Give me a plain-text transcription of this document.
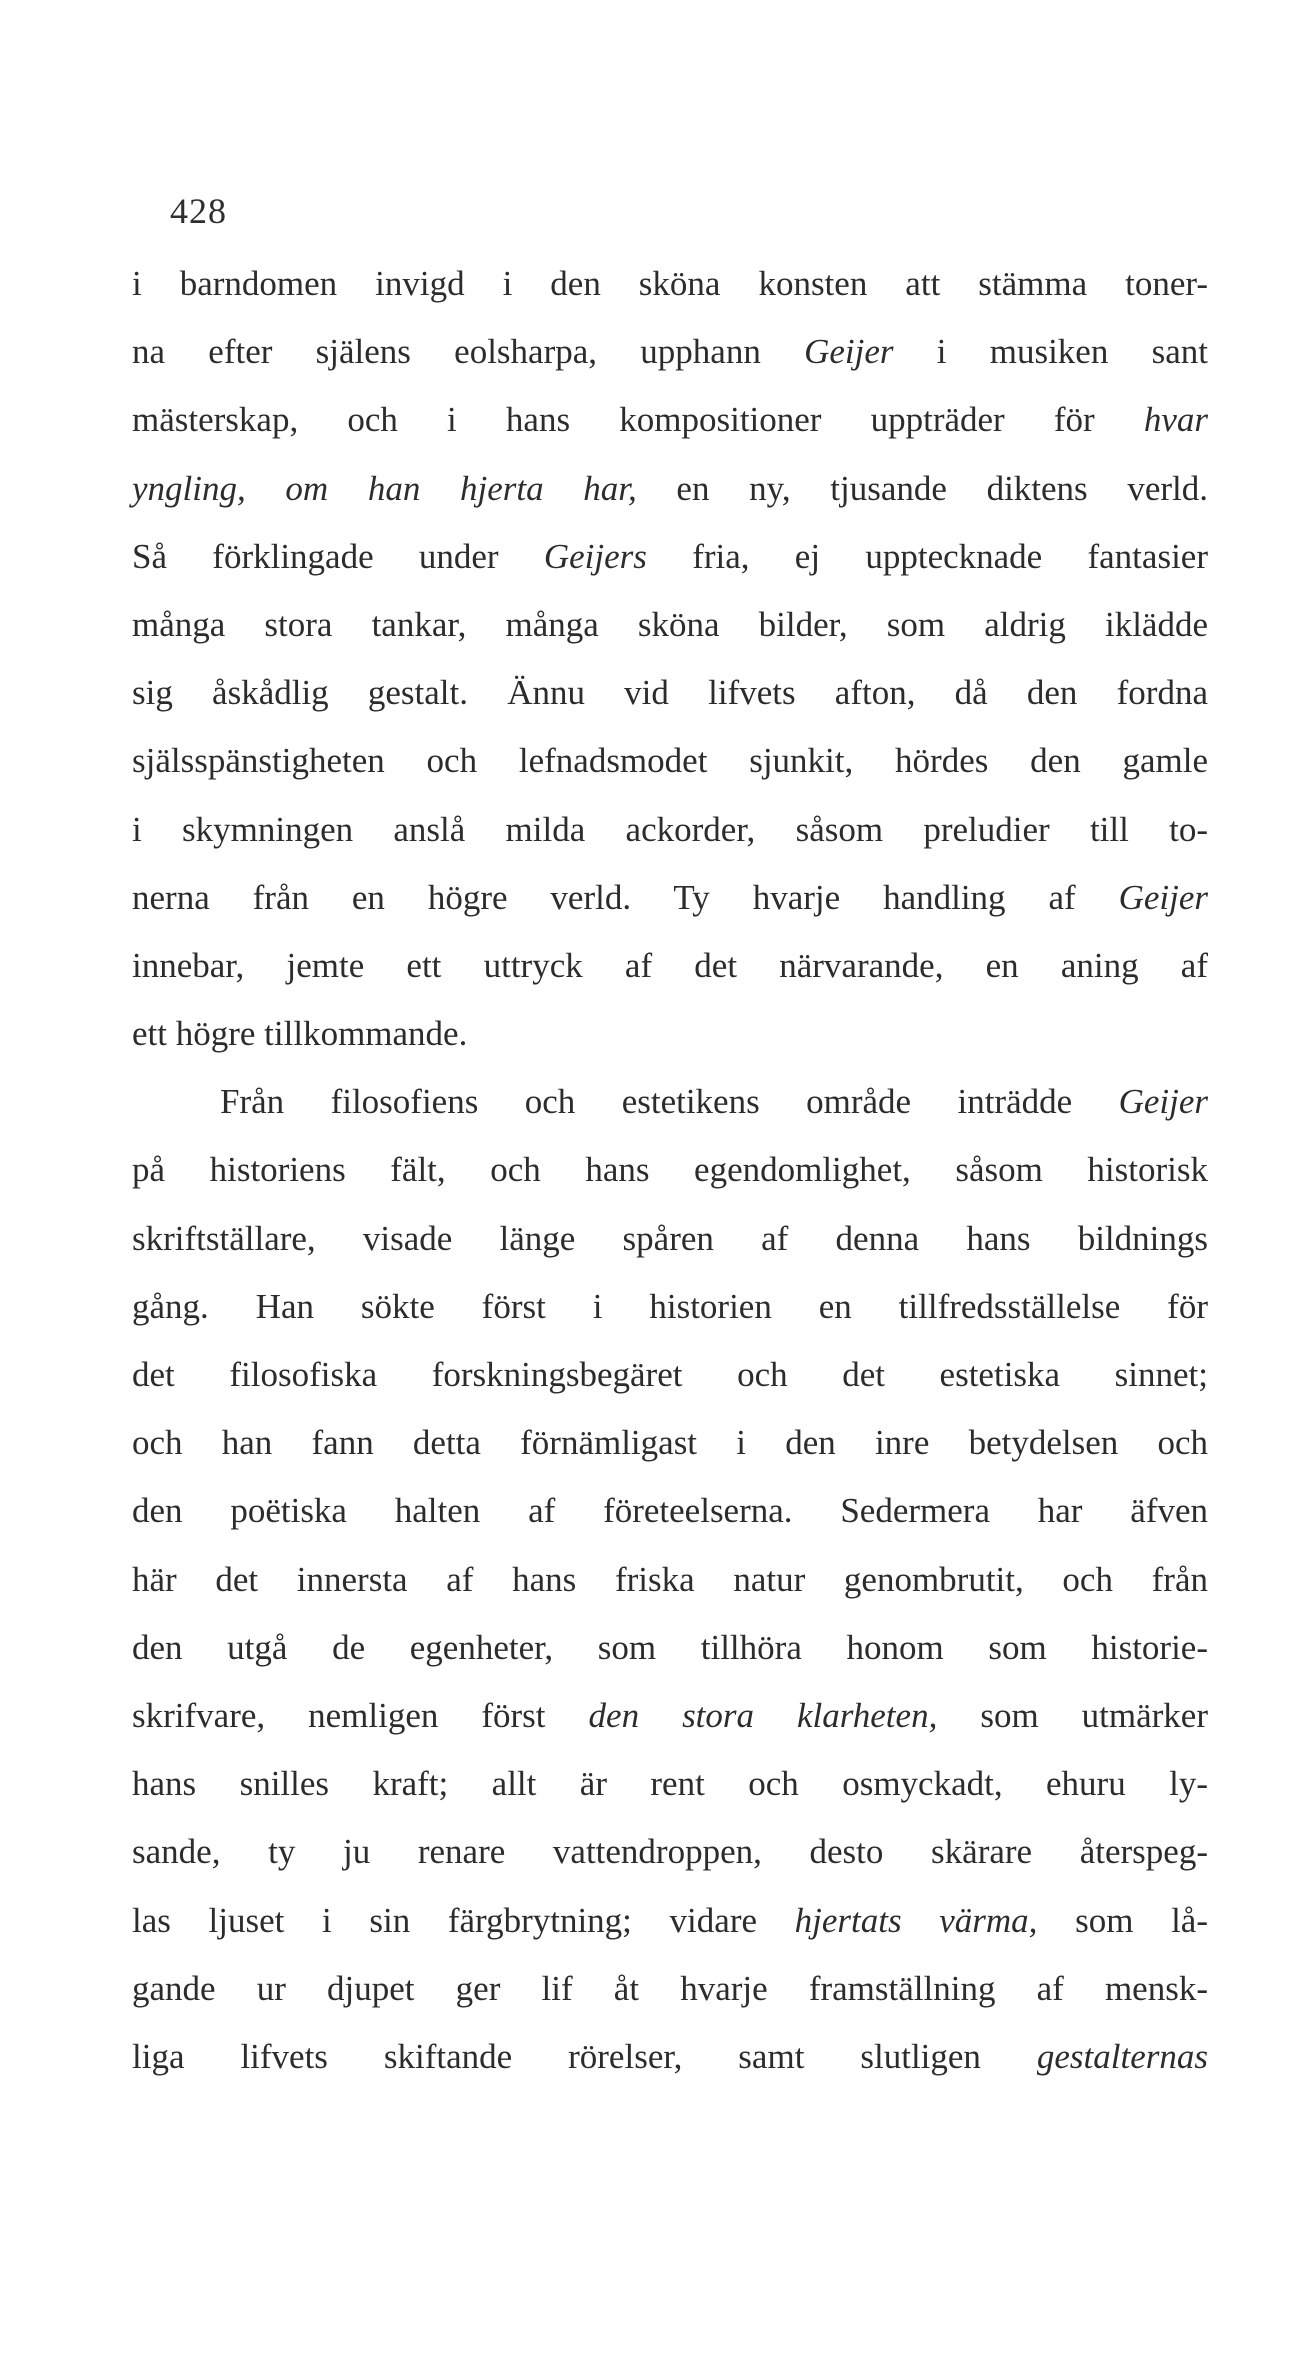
428
i barndomen invigd i den sköna konsten att stämma toner-
na efter själens eolsharpa, upphann Geijer i musiken sant
mästerskap, och i hans kompositioner uppträder för hvar
yngling, om han hjerta har, en ny, tjusande diktens verld.
Så förklingade under Geijers fria, ej upptecknade fantasier
många stora tankar, många sköna bilder, som aldrig iklädde
sig åskådlig gestalt. Ännu vid lifvets afton, då den fordna
själsspänstigheten och lefnadsmodet sjunkit, hördes den gamle
i skymningen anslå milda ackorder, såsom preludier till to-
nerna från en högre verld. Ty hvarje handling af Geijer
innebar, jemte ett uttryck af det närvarande, en aning af
ett högre tillkommande.
Från filosofiens och estetikens område inträdde Geijer
på historiens fält, och hans egendomlighet, såsom historisk
skriftställare, visade länge spåren af denna hans bildnings
gång. Han sökte först i historien en tillfredsställelse för
det filosofiska forskningsbegäret och det estetiska sinnet;
och han fann detta förnämligast i den inre betydelsen och
den poëtiska halten af företeelserna. Sedermera har äfven
här det innersta af hans friska natur genombrutit, och från
den utgå de egenheter, som tillhöra honom som historie-
skrifvare, nemligen först den stora klarheten, som utmärker
hans snilles kraft; allt är rent och osmyckadt, ehuru ly-
sande, ty ju renare vattendroppen, desto skärare återspeg-
las ljuset i sin färgbrytning; vidare hjertats värma, som lå-
gande ur djupet ger lif åt hvarje framställning af mensk-
liga lifvets skiftande rörelser, samt slutligen gestalternas
